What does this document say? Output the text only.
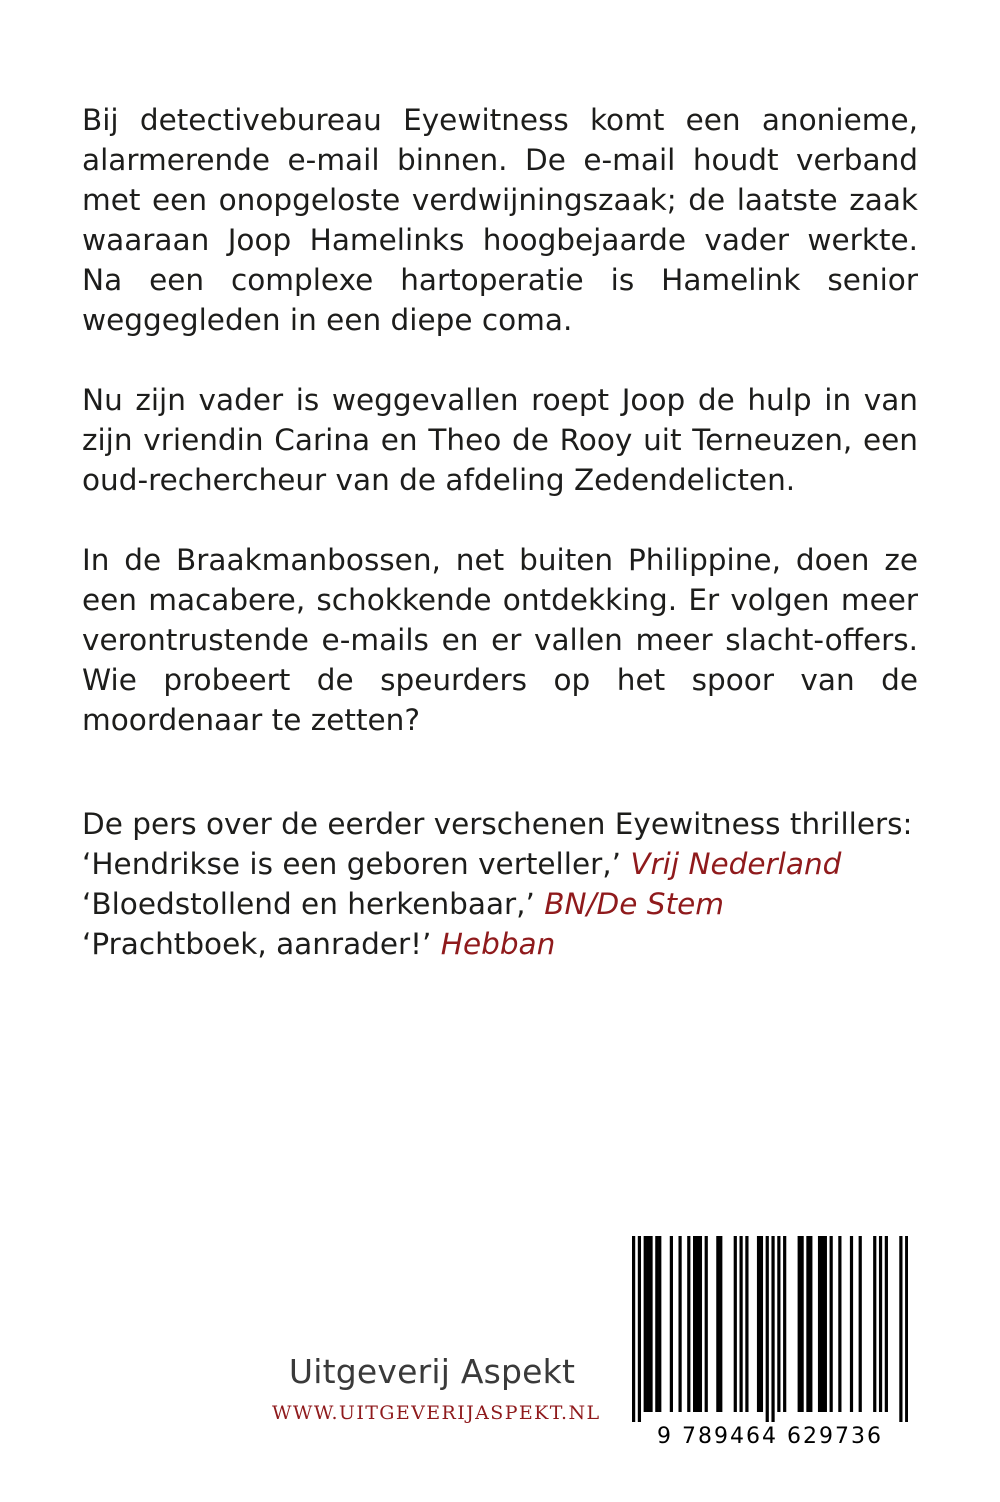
Bij detectivebureau Eyewitness komt een anonieme, alarmerende e-mail binnen. De e-mail houdt verband met een onopgeloste verdwijningszaak; de laatste zaak waaraan Joop Hamelinks hoogbejaarde vader werkte. Na een complexe hartoperatie is Hamelink senior weggegleden in een diepe coma.

Nu zijn vader is weggevallen roept Joop de hulp in van zijn vriendin Carina en Theo de Rooy uit Terneuzen, een oud-rechercheur van de afdeling Zedendelicten.

In de Braakmanbossen, net buiten Philippine, doen ze een macabere, schokkende ontdekking. Er volgen meer verontrustende e-mails en er vallen meer slacht-offers. Wie probeert de speurders op het spoor van de moordenaar te zetten?

De pers over de eerder verschenen Eyewitness thrillers:
‘Hendrikse is een geboren verteller,’ Vrij Nederland
‘Bloedstollend en herkenbaar,’ BN/De Stem
‘Prachtboek, aanrader!’ Hebban
Uitgeverij Aspekt
WWW.UITGEVERIJASPEKT.NL
9 789464 629736
